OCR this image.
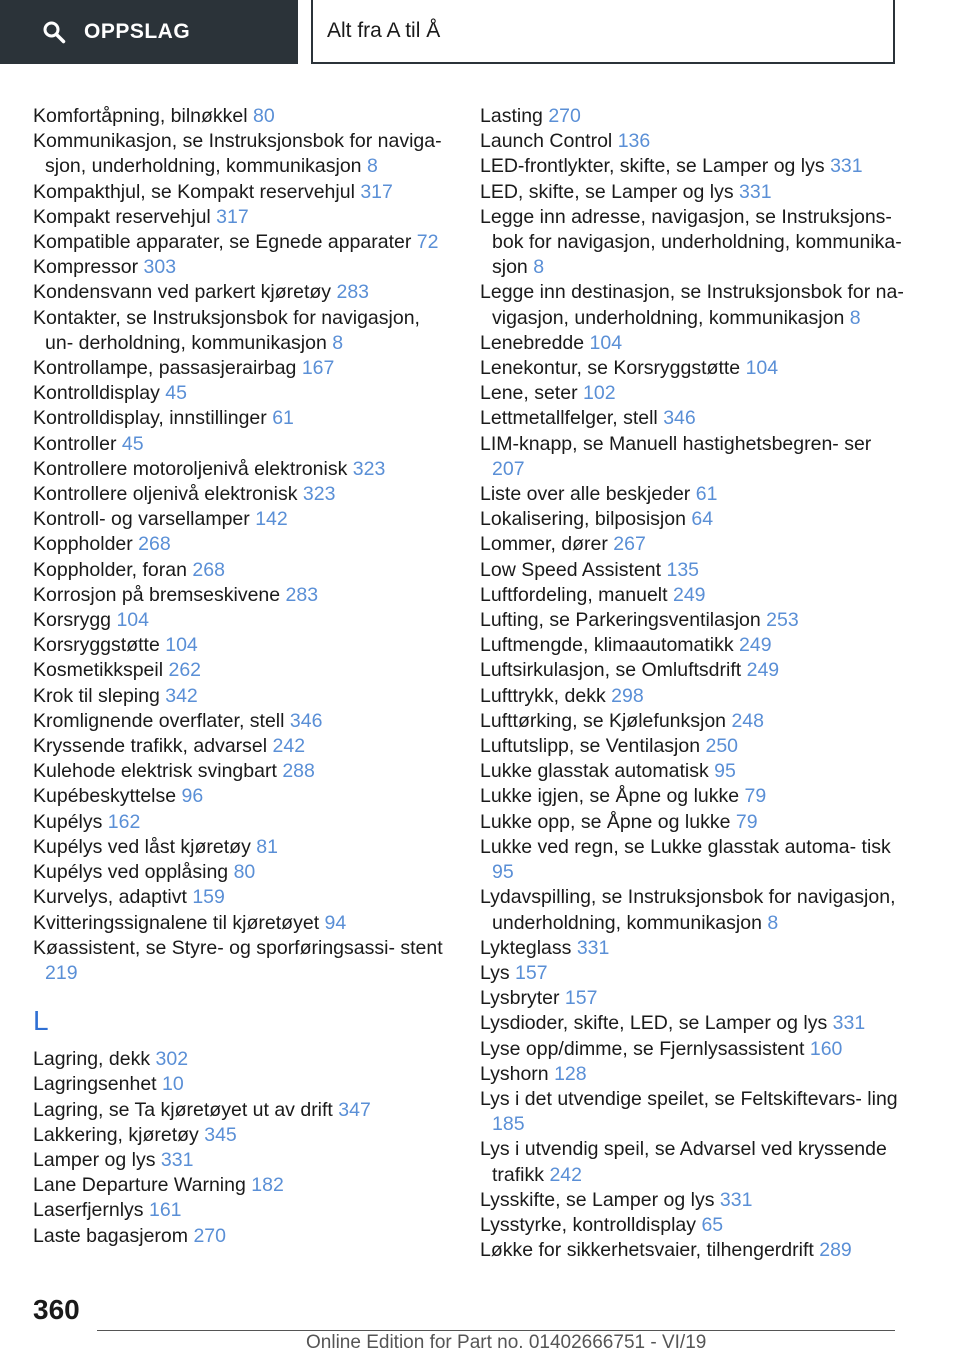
OPPSLAG	Alt fra A til Å
Komfortåpning, bilnøkkel 80
Kommunikasjon, se Instruksjonsbok for naviga- sjon, underholdning, kommunikasjon 8
Kompakthjul, se Kompakt reservehjul 317
Kompakt reservehjul 317
Kompatible apparater, se Egnede apparater 72
Kompressor 303
Kondensvann ved parkert kjøretøy 283
Kontakter, se Instruksjonsbok for navigasjon, un- derholdning, kommunikasjon 8
Kontrollampe, passasjerairbag 167
Kontrolldisplay 45
Kontrolldisplay, innstillinger 61
Kontroller 45
Kontrollere motoroljenivå elektronisk 323
Kontrollere oljenivå elektronisk 323
Kontroll- og varsellamper 142
Koppholder 268
Koppholder, foran 268
Korrosjon på bremseskivene 283
Korsrygg 104
Korsryggstøtte 104
Kosmetikkspeil 262
Krok til sleping 342
Kromlignende overflater, stell 346
Kryssende trafikk, advarsel 242
Kulehode elektrisk svingbart 288
Kupébeskyttelse 96
Kupélys 162
Kupélys ved låst kjøretøy 81
Kupélys ved opplåsing 80
Kurvelys, adaptivt 159
Kvitteringssignalene til kjøretøyet 94
Køassistent, se Styre- og sporføringsassi- stent 219
L
Lagring, dekk 302
Lagringsenhet 10
Lagring, se Ta kjøretøyet ut av drift 347
Lakkering, kjøretøy 345
Lamper og lys 331
Lane Departure Warning 182
Laserfjernlys 161
Laste bagasjerom 270
Lasting 270
Launch Control 136
LED-frontlykter, skifte, se Lamper og lys 331
LED, skifte, se Lamper og lys 331
Legge inn adresse, navigasjon, se Instruksjons- bok for navigasjon, underholdning, kommunika- sjon 8
Legge inn destinasjon, se Instruksjonsbok for na- vigasjon, underholdning, kommunikasjon 8
Lenebredde 104
Lenekontur, se Korsryggstøtte 104
Lene, seter 102
Lettmetallfelger, stell 346
LIM-knapp, se Manuell hastighetsbegren- ser 207
Liste over alle beskjeder 61
Lokalisering, bilposisjon 64
Lommer, dører 267
Low Speed Assistent 135
Luftfordeling, manuelt 249
Lufting, se Parkeringsventilasjon 253
Luftmengde, klimaautomatikk 249
Luftsirkulasjon, se Omluftsdrift 249
Lufttrykk, dekk 298
Lufttørking, se Kjølefunksjon 248
Luftutslipp, se Ventilasjon 250
Lukke glasstak automatisk 95
Lukke igjen, se Åpne og lukke 79
Lukke opp, se Åpne og lukke 79
Lukke ved regn, se Lukke glasstak automa- tisk 95
Lydavspilling, se Instruksjonsbok for navigasjon, underholdning, kommunikasjon 8
Lykteglass 331
Lys 157
Lysbryter 157
Lysdioder, skifte, LED, se Lamper og lys 331
Lyse opp/dimme, se Fjernlysassistent 160
Lyshorn 128
Lys i det utvendige speilet, se Feltskiftevars- ling 185
Lys i utvendig speil, se Advarsel ved kryssende trafikk 242
Lysskifte, se Lamper og lys 331
Lysstyrke, kontrolldisplay 65
Løkke for sikkerhetsvaier, tilhengerdrift 289
360
Online Edition for Part no. 01402666751 - VI/19
